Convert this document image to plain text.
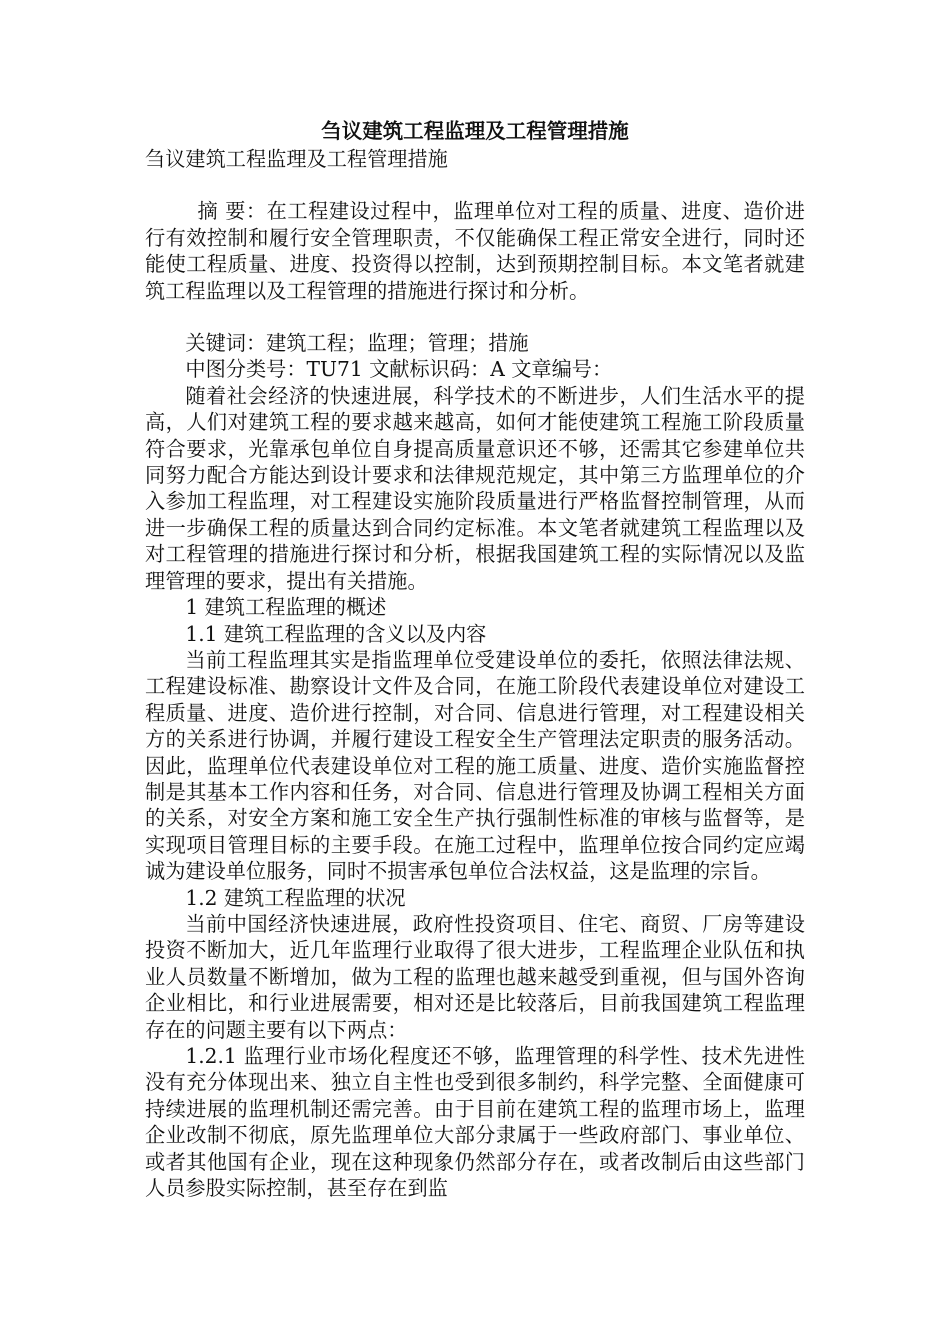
刍议建筑工程监理及工程管理措施
刍议建筑工程监理及工程管理措施

摘 要：在工程建设过程中，监理单位对工程的质量、进度、造价进行有效控制和履行安全管理职责，不仅能确保工程正常安全进行，同时还能使工程质量、进度、投资得以控制，达到预期控制目标。本文笔者就建筑工程监理以及工程管理的措施进行探讨和分析。

关键词：建筑工程；监理；管理；措施

中图分类号：TU71 文献标识码：A 文章编号：

随着社会经济的快速进展，科学技术的不断进步，人们生活水平的提高，人们对建筑工程的要求越来越高，如何才能使建筑工程施工阶段质量符合要求，光靠承包单位自身提高质量意识还不够，还需其它参建单位共同努力配合方能达到设计要求和法律规范规定，其中第三方监理单位的介入参加工程监理，对工程建设实施阶段质量进行严格监督控制管理，从而进一步确保工程的质量达到合同约定标准。本文笔者就建筑工程监理以及对工程管理的措施进行探讨和分析，根据我国建筑工程的实际情况以及监理管理的要求，提出有关措施。

1 建筑工程监理的概述

1.1 建筑工程监理的含义以及内容

当前工程监理其实是指监理单位受建设单位的委托，依照法律法规、工程建设标准、勘察设计文件及合同，在施工阶段代表建设单位对建设工程质量、进度、造价进行控制，对合同、信息进行管理，对工程建设相关方的关系进行协调，并履行建设工程安全生产管理法定职责的服务活动。因此，监理单位代表建设单位对工程的施工质量、进度、造价实施监督控制是其基本工作内容和任务，对合同、信息进行管理及协调工程相关方面的关系，对安全方案和施工安全生产执行强制性标准的审核与监督等，是实现项目管理目标的主要手段。在施工过程中，监理单位按合同约定应竭诚为建设单位服务，同时不损害承包单位合法权益，这是监理的宗旨。

1.2 建筑工程监理的状况

当前中国经济快速进展，政府性投资项目、住宅、商贸、厂房等建设投资不断加大，近几年监理行业取得了很大进步，工程监理企业队伍和执业人员数量不断增加，做为工程的监理也越来越受到重视，但与国外咨询企业相比，和行业进展需要，相对还是比较落后，目前我国建筑工程监理存在的问题主要有以下两点：

1.2.1 监理行业市场化程度还不够，监理管理的科学性、技术先进性没有充分体现出来、独立自主性也受到很多制约，科学完整、全面健康可持续进展的监理机制还需完善。由于目前在建筑工程的监理市场上，监理企业改制不彻底，原先监理单位大部分隶属于一些政府部门、事业单位、或者其他国有企业，现在这种现象仍然部分存在，或者改制后由这些部门人员参股实际控制，甚至存在到监
